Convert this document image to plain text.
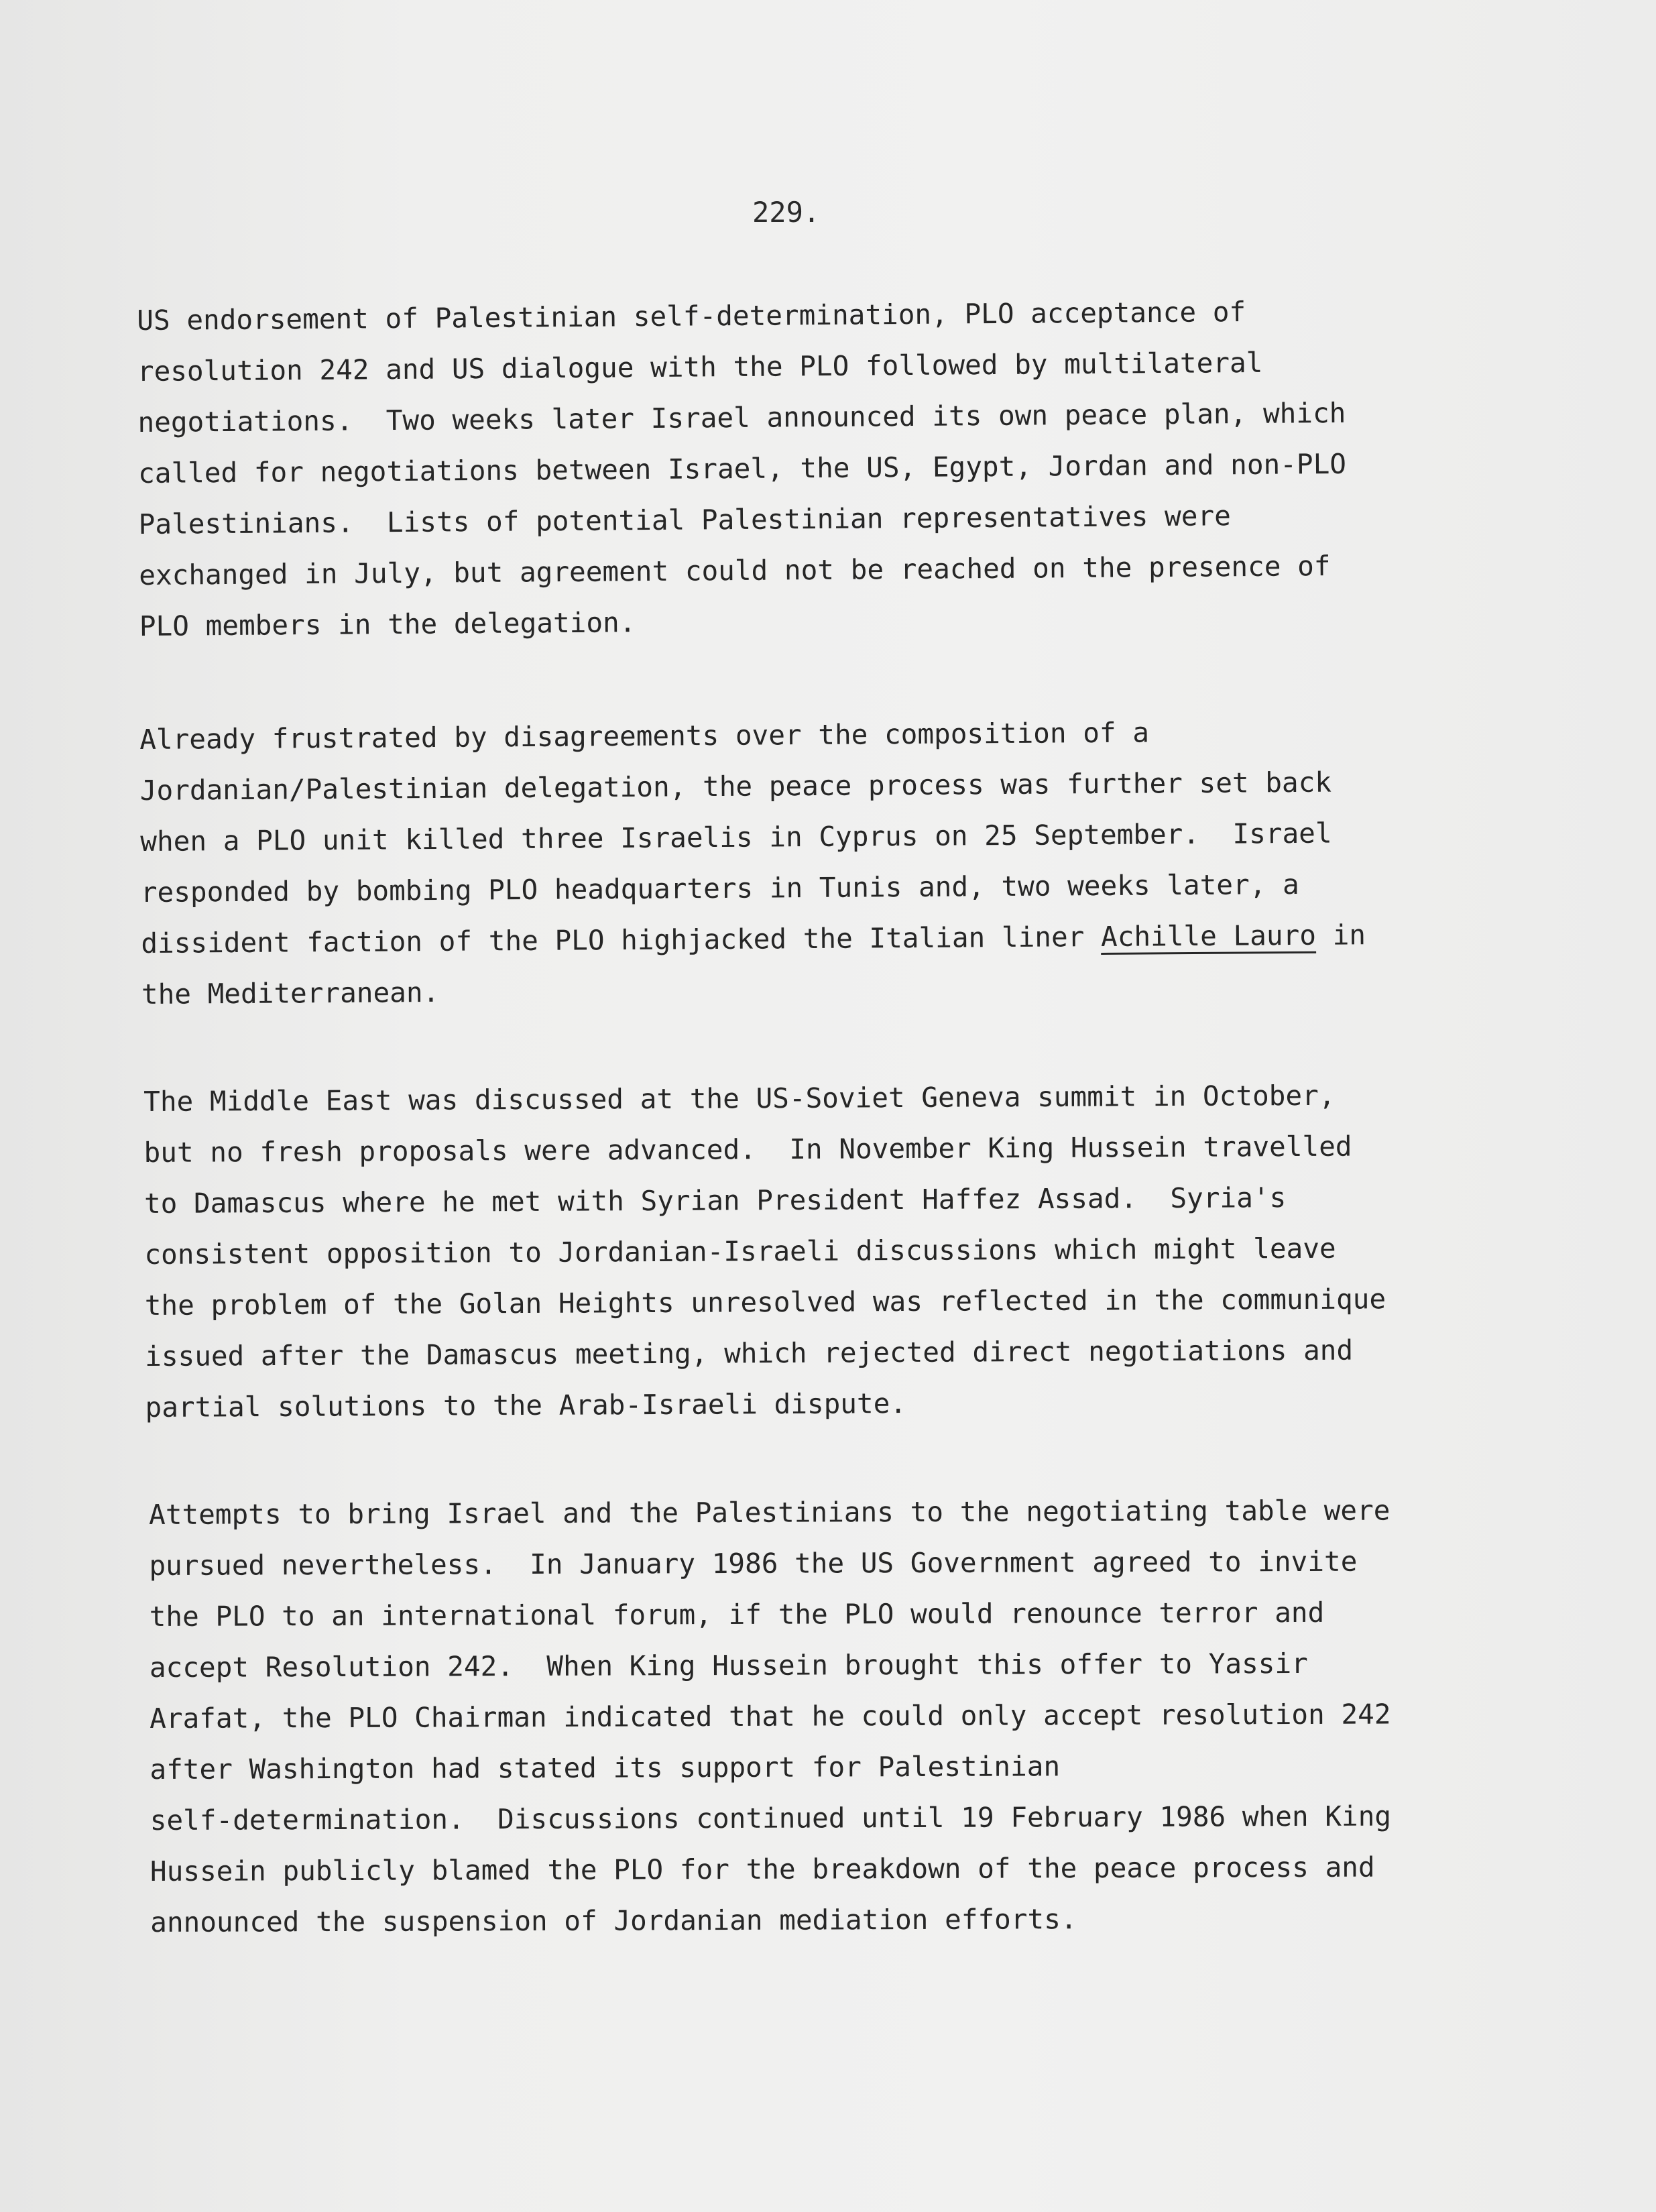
229.
US endorsement of Palestinian self-determination, PLO acceptance of
resolution 242 and US dialogue with the PLO followed by multilateral
negotiations.  Two weeks later Israel announced its own peace plan, which
called for negotiations between Israel, the US, Egypt, Jordan and non-PLO
Palestinians.  Lists of potential Palestinian representatives were
exchanged in July, but agreement could not be reached on the presence of
PLO members in the delegation.
Already frustrated by disagreements over the composition of a
Jordanian/Palestinian delegation, the peace process was further set back
when a PLO unit killed three Israelis in Cyprus on 25 September.  Israel
responded by bombing PLO headquarters in Tunis and, two weeks later, a
dissident faction of the PLO highjacked the Italian liner Achille Lauro in
the Mediterranean.
The Middle East was discussed at the US-Soviet Geneva summit in October,
but no fresh proposals were advanced.  In November King Hussein travelled
to Damascus where he met with Syrian President Haffez Assad.  Syria's
consistent opposition to Jordanian-Israeli discussions which might leave
the problem of the Golan Heights unresolved was reflected in the communique
issued after the Damascus meeting, which rejected direct negotiations and
partial solutions to the Arab-Israeli dispute.
Attempts to bring Israel and the Palestinians to the negotiating table were
pursued nevertheless.  In January 1986 the US Government agreed to invite
the PLO to an international forum, if the PLO would renounce terror and
accept Resolution 242.  When King Hussein brought this offer to Yassir
Arafat, the PLO Chairman indicated that he could only accept resolution 242
after Washington had stated its support for Palestinian
self-determination.  Discussions continued until 19 February 1986 when King
Hussein publicly blamed the PLO for the breakdown of the peace process and
announced the suspension of Jordanian mediation efforts.
